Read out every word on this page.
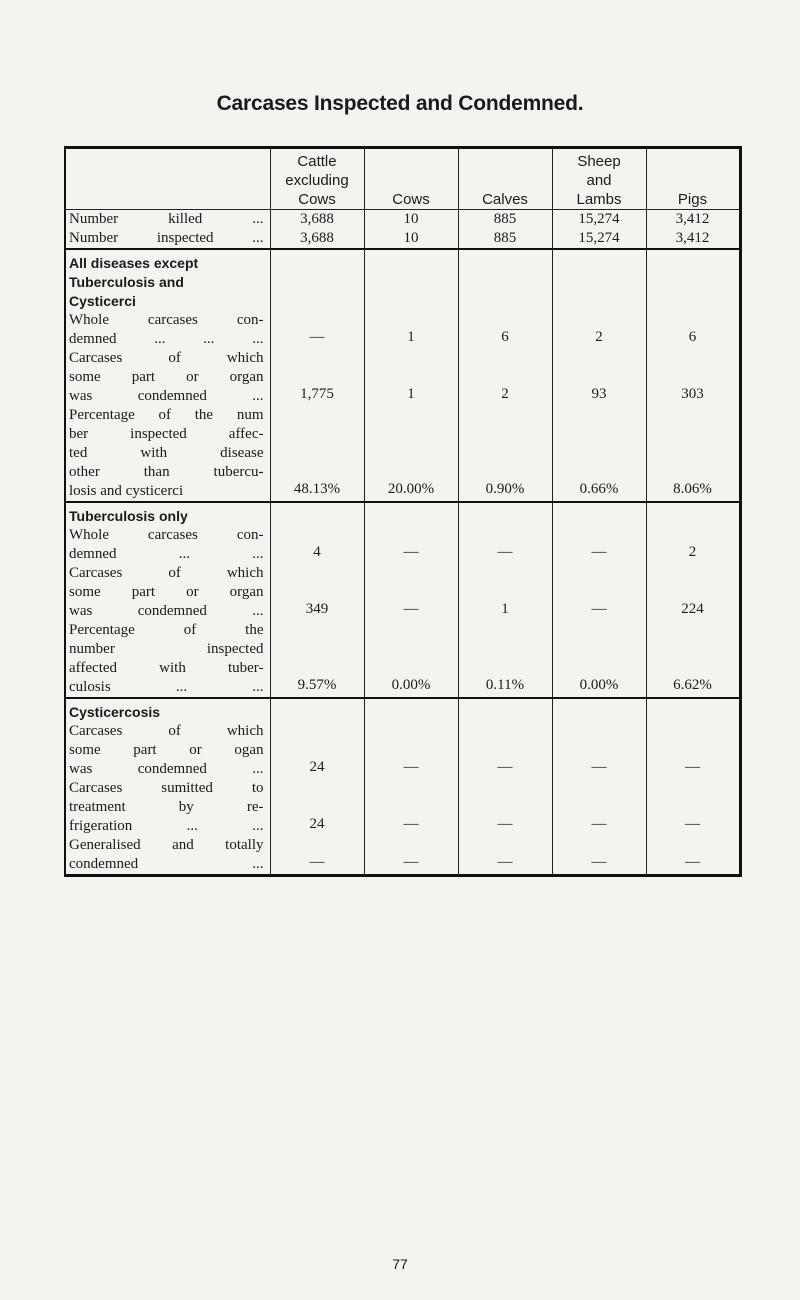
Carcases Inspected and Condemned.

	Cattle
excluding
Cows	Cows	Calves	Sheep
and
Lambs	Pigs

Number killed ...	3,688	10	885	15,274	3,412

Number inspected ...	3,688	10	885	15,274	3,412

All diseases except
Tuberculosis and
Cysticerci					

Whole carcases con-
demned ... ... ...	—	1	6	2	6

Carcases of which
some part or organ
was condemned ...	1,775	1	2	93	303

Percentage of the num
ber inspected affec-
ted with disease
other than tubercu-
losis and cysticerci	48.13%	20.00%	0.90%	0.66%	8.06%

Tuberculosis only					

Whole carcases con-
demned ... ...	4	—	—	—	2

Carcases of which
some part or organ
was condemned ...	349	—	1	—	224

Percentage of the
number inspected
affected with tuber-
culosis ... ...	9.57%	0.00%	0.11%	0.00%	6.62%

Cysticercosis					

Carcases of which
some part or ogan
was condemned ...	24	—	—	—	—

Carcases sumitted to
treatment by re-
frigeration ... ...	24	—	—	—	—

Generalised and totally
condemned ...	—	—	—	—	—
77
